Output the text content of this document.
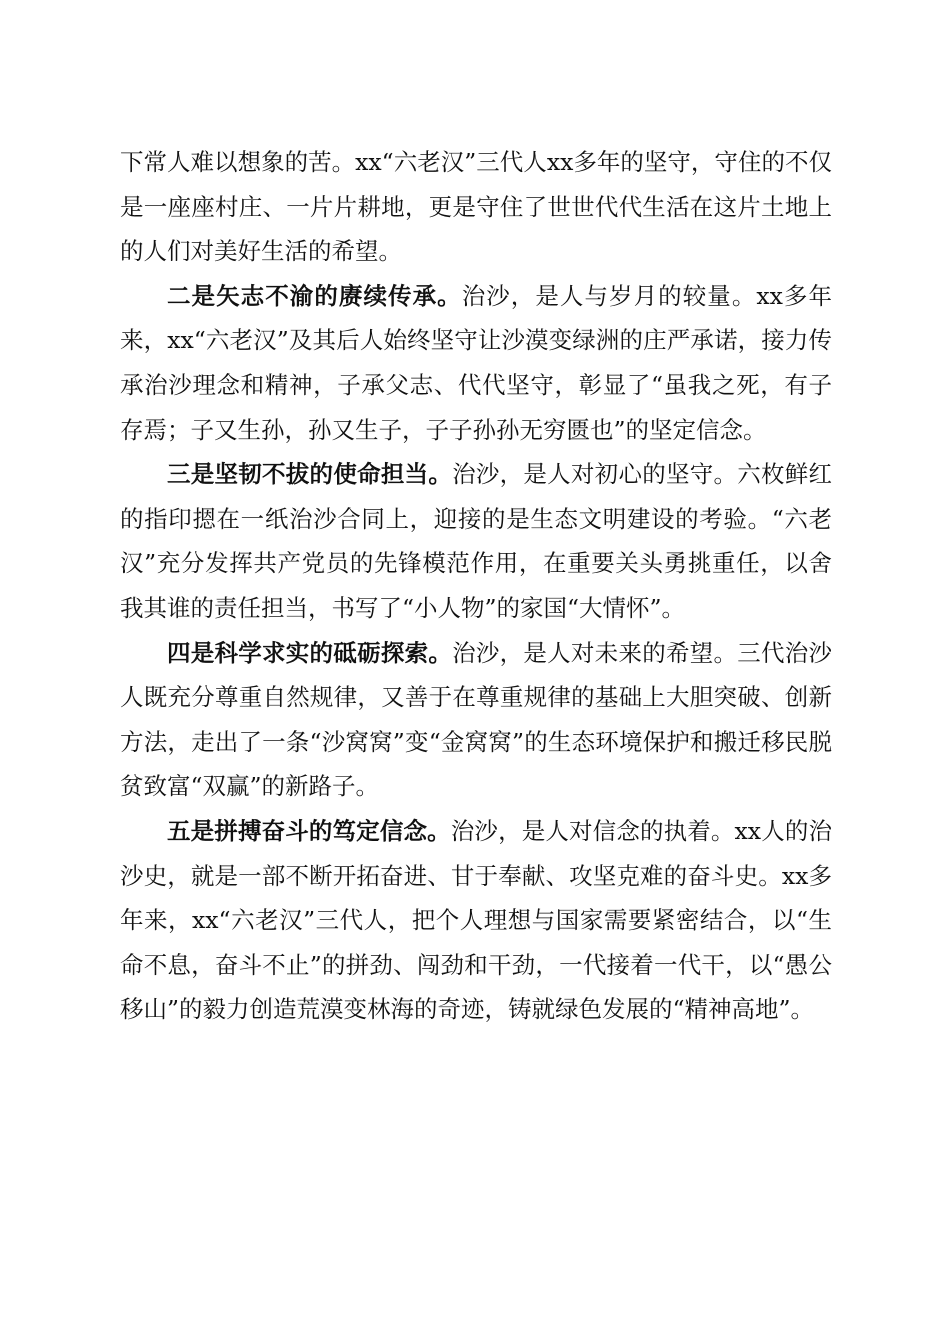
下常人难以想象的苦。xx“六老汉”三代人xx多年的坚守，守住的不仅是一座座村庄、一片片耕地，更是守住了世世代代生活在这片土地上的人们对美好生活的希望。

二是矢志不渝的赓续传承。治沙，是人与岁月的较量。xx多年来，xx“六老汉”及其后人始终坚守让沙漠变绿洲的庄严承诺，接力传承治沙理念和精神，子承父志、代代坚守，彰显了“虽我之死，有子存焉；子又生孙，孙又生子，子子孙孙无穷匮也”的坚定信念。

三是坚韧不拔的使命担当。治沙，是人对初心的坚守。六枚鲜红的指印摁在一纸治沙合同上，迎接的是生态文明建设的考验。“六老汉”充分发挥共产党员的先锋模范作用，在重要关头勇挑重任，以舍我其谁的责任担当，书写了“小人物”的家国“大情怀”。

四是科学求实的砥砺探索。治沙，是人对未来的希望。三代治沙人既充分尊重自然规律，又善于在尊重规律的基础上大胆突破、创新方法，走出了一条“沙窝窝”变“金窝窝”的生态环境保护和搬迁移民脱贫致富“双赢”的新路子。

五是拼搏奋斗的笃定信念。治沙，是人对信念的执着。xx人的治沙史，就是一部不断开拓奋进、甘于奉献、攻坚克难的奋斗史。xx多年来，xx“六老汉”三代人，把个人理想与国家需要紧密结合，以“生命不息，奋斗不止”的拼劲、闯劲和干劲，一代接着一代干，以“愚公移山”的毅力创造荒漠变林海的奇迹，铸就绿色发展的“精神高地”。
